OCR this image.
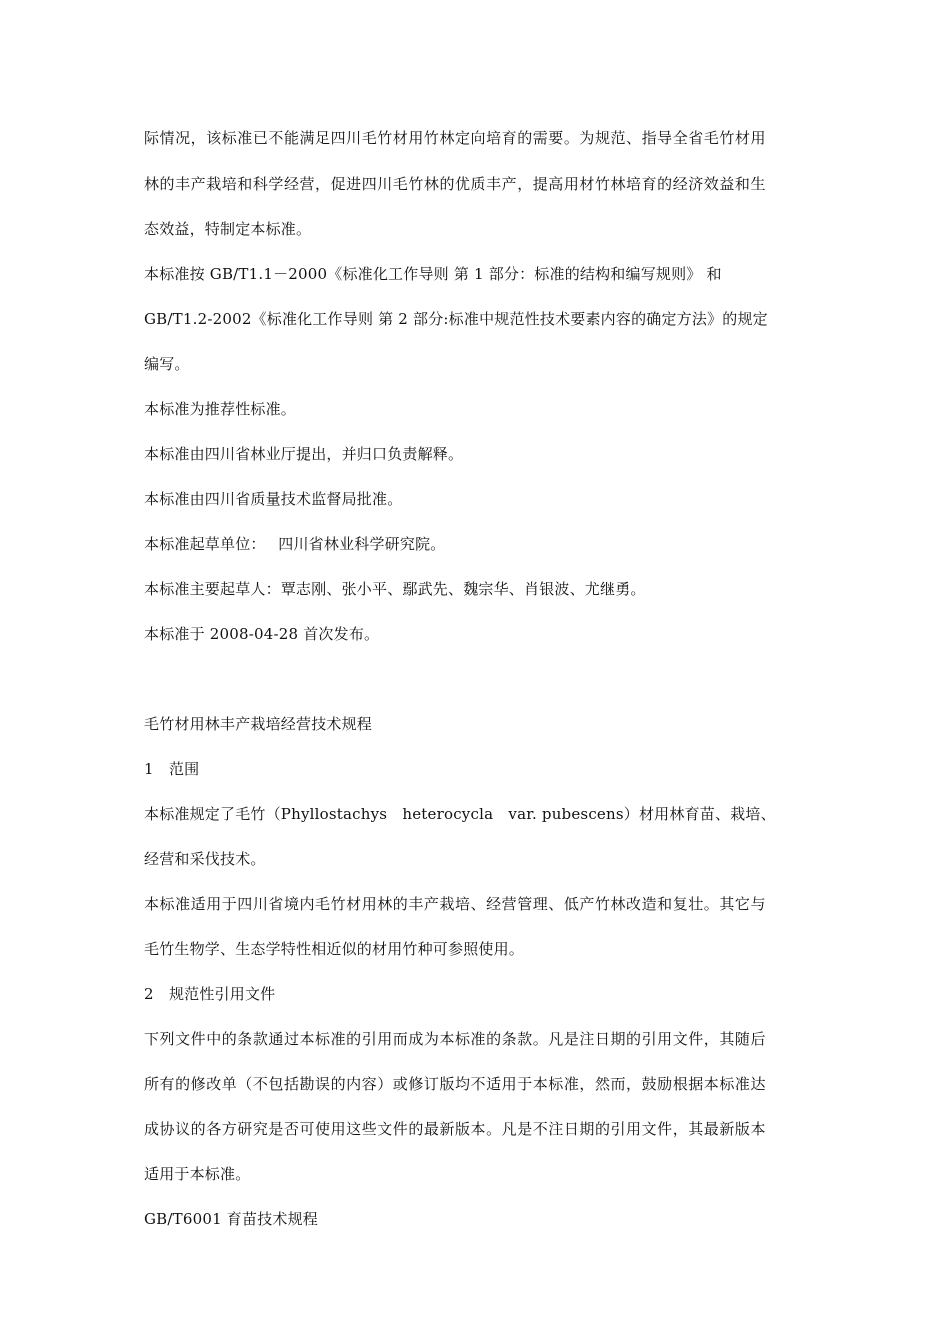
际情况，该标准已不能满足四川毛竹材用竹林定向培育的需要。为规范、指导全省毛竹材用
林的丰产栽培和科学经营，促进四川毛竹林的优质丰产，提高用材竹林培育的经济效益和生
态效益，特制定本标准。
本标准按 GB/T1.1－2000《标准化工作导则 第 1 部分：标准的结构和编写规则》 和
GB/T1.2-2002《标准化工作导则 第 2 部分:标准中规范性技术要素内容的确定方法》的规定
编写。
本标准为推荐性标准。
本标准由四川省林业厅提出，并归口负责解释。
本标准由四川省质量技术监督局批准。
本标准起草单位：　 四川省林业科学研究院。
本标准主要起草人：覃志刚、张小平、鄢武先、魏宗华、肖银波、尤继勇。
本标准于 2008-04-28 首次发布。
毛竹材用林丰产栽培经营技术规程
1　范围
本标准规定了毛竹（Phyllostachys　heterocycla　var. pubescens）材用林育苗、栽培、
经营和采伐技术。
本标准适用于四川省境内毛竹材用林的丰产栽培、经营管理、低产竹林改造和复壮。其它与
毛竹生物学、生态学特性相近似的材用竹种可参照使用。
2　规范性引用文件
下列文件中的条款通过本标准的引用而成为本标准的条款。凡是注日期的引用文件，其随后
所有的修改单（不包括勘误的内容）或修订版均不适用于本标准，然而，鼓励根据本标准达
成协议的各方研究是否可使用这些文件的最新版本。凡是不注日期的引用文件，其最新版本
适用于本标准。
GB/T6001 育苗技术规程
